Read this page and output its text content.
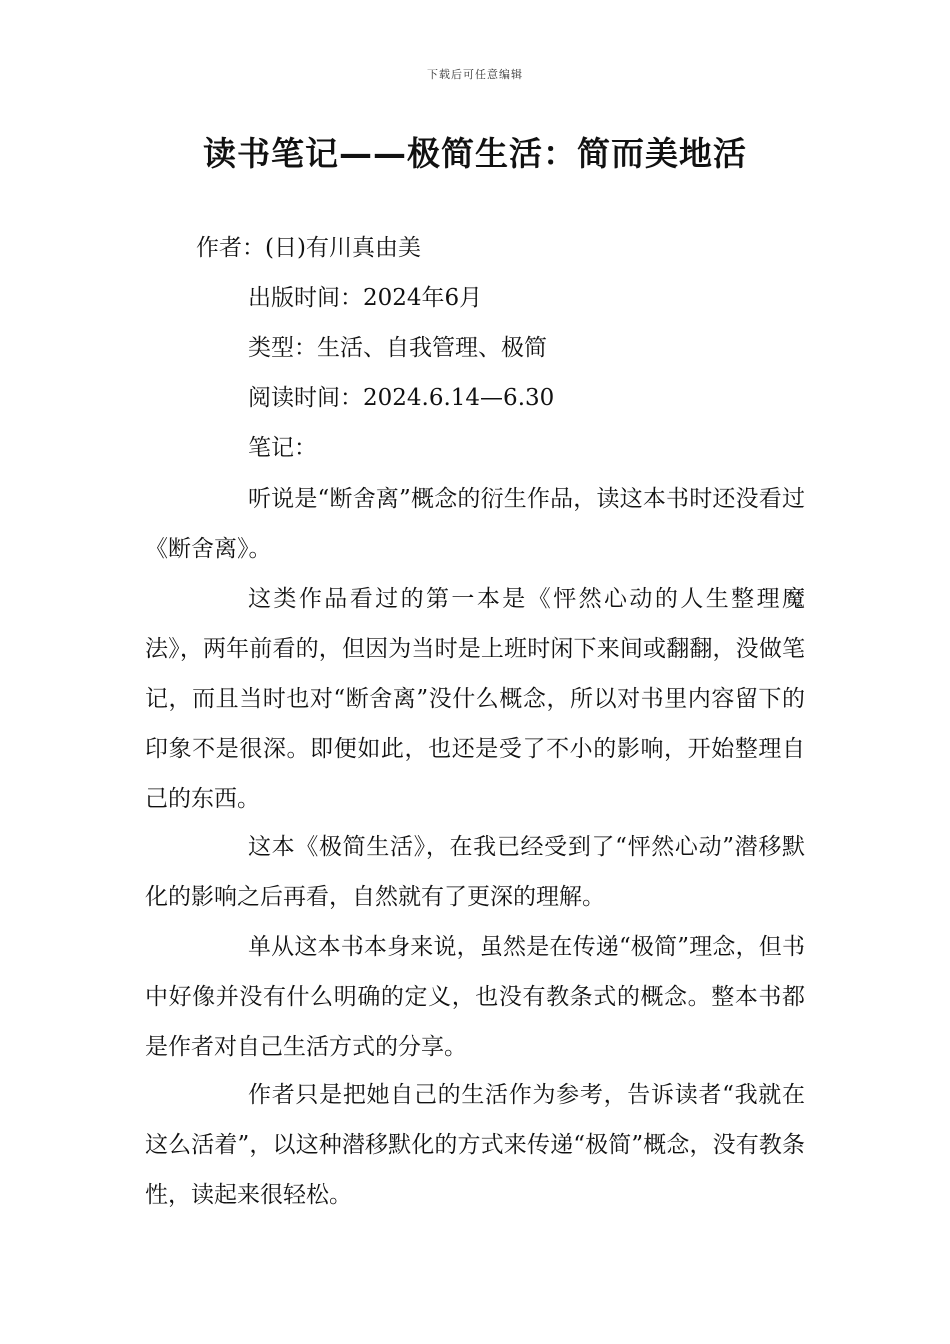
下载后可任意编辑
读书笔记——极简生活：简而美地活
作者：(日)有川真由美
出版时间：2024年6月
类型：生活、自我管理、极简
阅读时间：2024.6.14—6.30
笔记：

听说是“断舍离”概念的衍生作品，读这本书时还没看过《断舍离》。

这类作品看过的第一本是《怦然心动的人生整理魔法》，两年前看的，但因为当时是上班时闲下来间或翻翻，没做笔记，而且当时也对“断舍离”没什么概念，所以对书里内容留下的印象不是很深。即便如此，也还是受了不小的影响，开始整理自己的东西。

这本《极简生活》，在我已经受到了“怦然心动”潜移默化的影响之后再看，自然就有了更深的理解。

单从这本书本身来说，虽然是在传递“极简”理念，但书中好像并没有什么明确的定义，也没有教条式的概念。整本书都是作者对自己生活方式的分享。

作者只是把她自己的生活作为参考，告诉读者“我就在这么活着”，以这种潜移默化的方式来传递“极简”概念，没有教条性，读起来很轻松。
